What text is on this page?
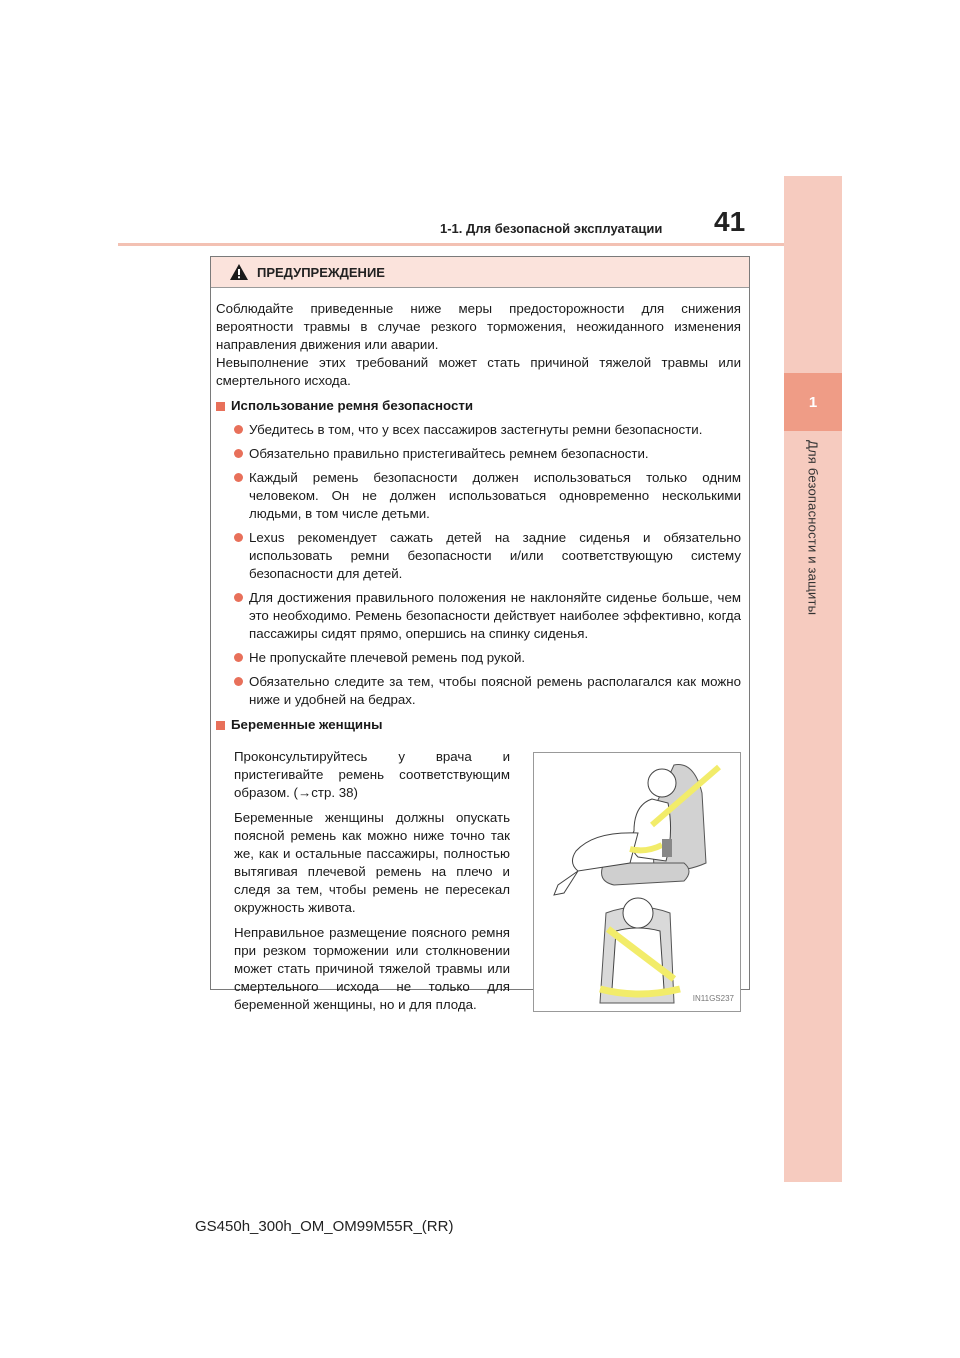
1
Для безопасности и защиты
1-1. Для безопасной эксплуатации 41
ПРЕДУПРЕЖДЕНИЕ
Соблюдайте приведенные ниже меры предосторожности для снижения вероятности травмы в случае резкого торможения, неожиданного изменения направления движения или аварии.
Невыполнение этих требований может стать причиной тяжелой травмы или смертельного исхода.
Использование ремня безопасности
Убедитесь в том, что у всех пассажиров застегнуты ремни безопасности.
Обязательно правильно пристегивайтесь ремнем безопасности.
Каждый ремень безопасности должен использоваться только одним человеком. Он не должен использоваться одновременно несколькими людьми, в том числе детьми.
Lexus рекомендует сажать детей на задние сиденья и обязательно использовать ремни безопасности и/или соответствующую систему безопасности для детей.
Для достижения правильного положения не наклоняйте сиденье больше, чем это необходимо. Ремень безопасности действует наиболее эффективно, когда пассажиры сидят прямо, опершись на спинку сиденья.
Не пропускайте плечевой ремень под рукой.
Обязательно следите за тем, чтобы поясной ремень располагался как можно ниже и удобней на бедрах.
Беременные женщины

Проконсультируйтесь у врача и пристегивайте ремень соответствующим образом. (→стр. 38)

Беременные женщины должны опускать поясной ремень как можно ниже точно так же, как и остальные пассажиры, полностью вытягивая плечевой ремень на плечо и следя за тем, чтобы ремень не пересекал окружность живота.

Неправильное размещение поясного ремня при резком торможении или столкновении может стать причиной тяжелой травмы или смертельного исхода не только для беременной женщины, но и для плода.	IN11GS237
GS450h_300h_OM_OM99M55R_(RR)
